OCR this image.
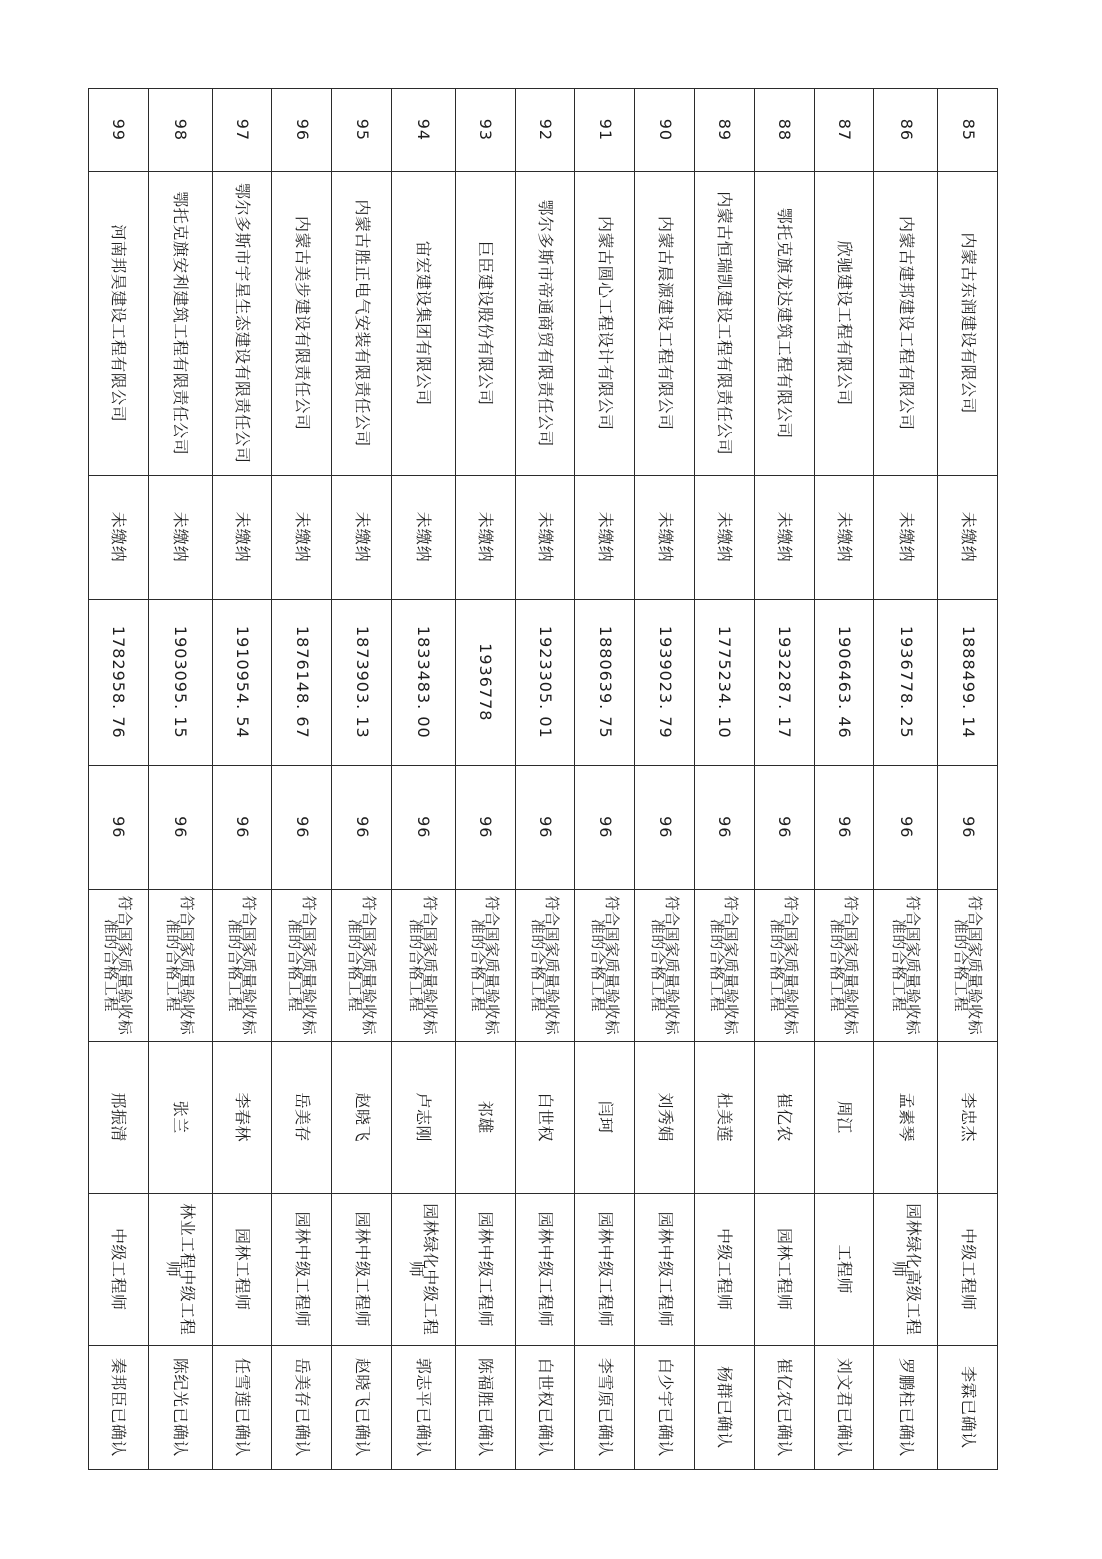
85	内蒙古东润建设有限公司	未缴纳	1888499. 14	96	符合国家质量验收标准的合格工程	李忠杰	中级工程师	李霖已确认
86	内蒙古建邦建设工程有限公司	未缴纳	1936778. 25	96	符合国家质量验收标准的合格工程	孟素琴	园林绿化高级工程师	罗鹏柱已确认
87	欣驰建设工程有限公司	未缴纳	1906463. 46	96	符合国家质量验收标准的合格工程	周江	工程师	刘文君已确认
88	鄂托克旗龙达建筑工程有限公司	未缴纳	1932287. 17	96	符合国家质量验收标准的合格工程	崔亿农	园林工程师	崔亿农已确认
89	内蒙古恒瑞凯建设工程有限责任公司	未缴纳	1775234. 10	96	符合国家质量验收标准的合格工程	杜美莲	中级工程师	杨群已确认
90	内蒙古晨源建设工程有限公司	未缴纳	1939023. 79	96	符合国家质量验收标准的合格工程	刘秀娟	园林中级工程师	白少宇已确认
91	内蒙古圆心工程设计有限公司	未缴纳	1880639. 75	96	符合国家质量验收标准的合格工程	闫珂	园林中级工程师	李雪原已确认
92	鄂尔多斯市帝通商贸有限责任公司	未缴纳	1923305. 01	96	符合国家质量验收标准的合格工程	白世权	园林中级工程师	白世权已确认
93	巨臣建设股份有限公司	未缴纳	1936778	96	符合国家质量验收标准的合格工程	祁雄	园林中级工程师	陈福胜已确认
94	宙宏建设集团有限公司	未缴纳	1833483. 00	96	符合国家质量验收标准的合格工程	卢志刚	园林绿化中级工程师	郭志平已确认
95	内蒙古胜正电气安装有限责任公司	未缴纳	1873903. 13	96	符合国家质量验收标准的合格工程	赵晓飞	园林中级工程师	赵晓飞已确认
96	内蒙古美步建设有限责任公司	未缴纳	1876148. 67	96	符合国家质量验收标准的合格工程	岳美存	园林中级工程师	岳美存已确认
97	鄂尔多斯市宇星生态建设有限责任公司	未缴纳	1910954. 54	96	符合国家质量验收标准的合格工程	李春林	园林工程师	任雪莲已确认
98	鄂托克旗安利建筑工程有限责任公司	未缴纳	1903095. 15	96	符合国家质量验收标准的合格工程	张兰	林业工程中级工程师	陈纪光已确认
99	河南邦昊建设工程有限公司	未缴纳	1782958. 76	96	符合国家质量验收标准的合格工程	邢振清	中级工程师	秦邦臣已确认
